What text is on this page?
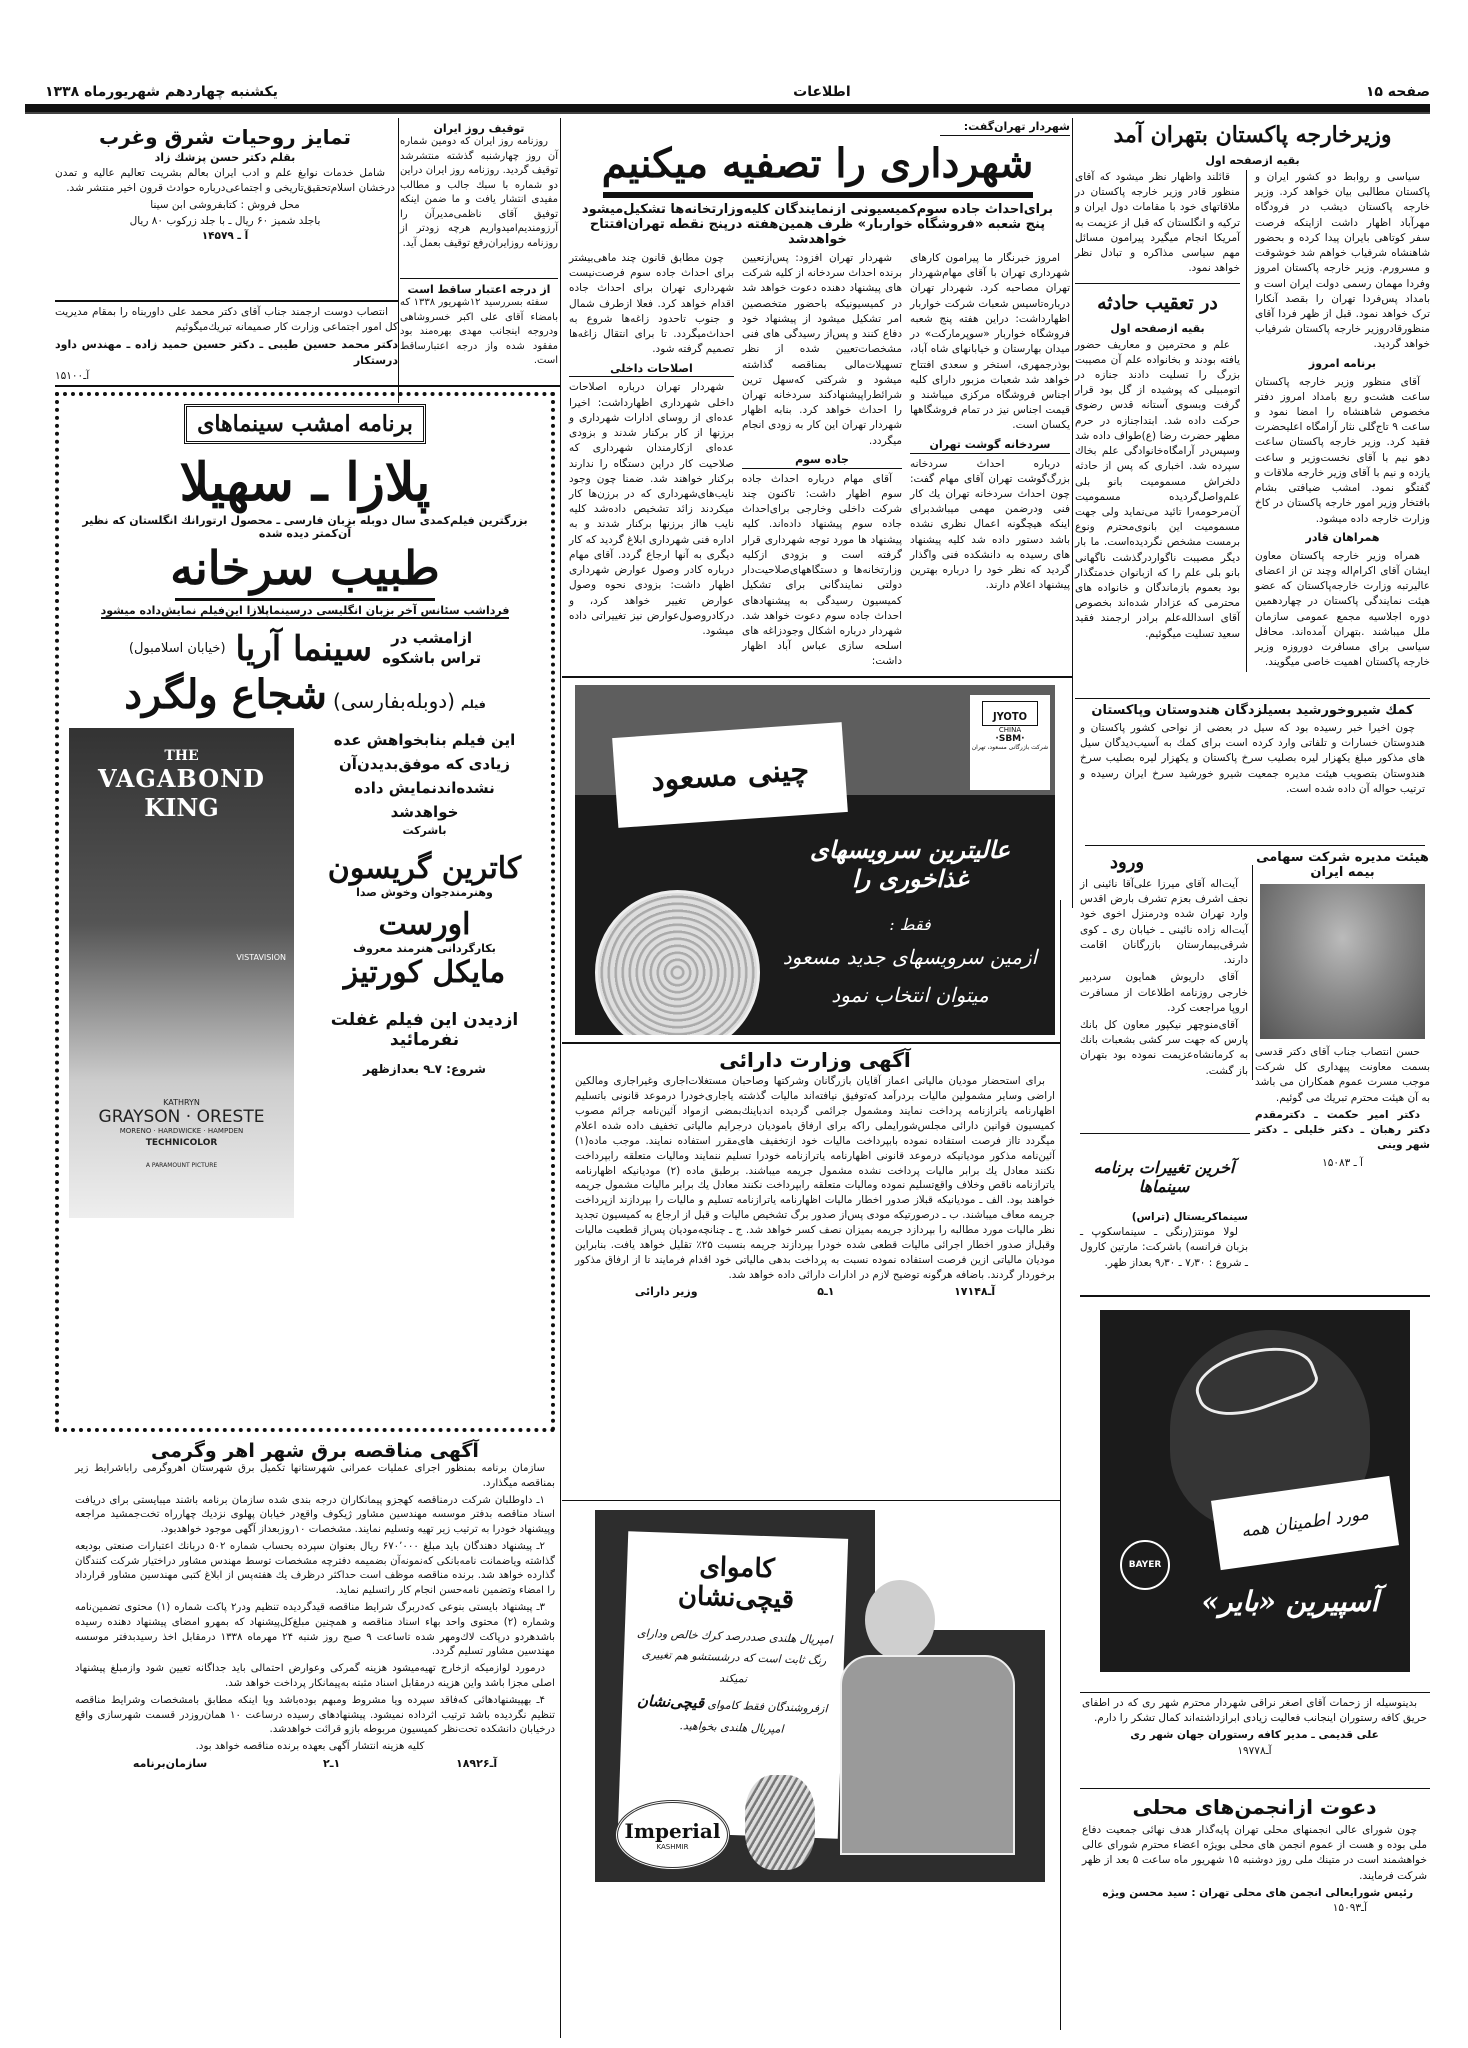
صفحه ۱۵
اطلاعات
یکشنبه چهاردهم شهریورماه ۱۳۳۸
وزیرخارجه پاکستان بتهران آمد
بقیه ازصفحه اول

سیاسی و روابط دو کشور ایران و پاکستان مطالبی بیان خواهد کرد. وزیر خارجه پاکستان دیشب در فرودگاه مهرآباد اظهار داشت ازاینکه فرصت سفر کوتاهی بایران پیدا کرده و بحضور شاهنشاه شرفیاب خواهم شد خوشوقت و مسرورم. وزیر خارجه پاکستان امروز وفردا مهمان رسمی دولت ایران است و بامداد پس‌فردا تهران را بقصد آنکارا ترک خواهد نمود. قبل از ظهر فردا آقای منظورقادروزیر خارجه پاکستان شرفیاب خواهد گردید.

برنامه امروز

آقای منظور وزیر خارجه پاکستان ساعت هشت‌و ربع بامداد امروز دفتر مخصوص شاهنشاه را امضا نمود و ساعت ۹ تاج‌گلی نثار آرامگاه اعلیحضرت فقید کرد. وزیر خارجه پاکستان ساعت دهو نیم با آقای نخست‌وزیر و ساعت یازده و نیم با آقای وزیر خارجه ملاقات و گفتگو نمود. امشب ضیافتی بشام بافتخار وزیر امور خارجه پاکستان در کاخ وزارت خارجه داده میشود.

همراهان قادر

همراه وزیر خارجه پاکستان معاون ایشان آقای اکرام‌اله وچند تن از اعضای عالیرتبه وزارت خارجه‌پاکستان که عضو هیئت نمایندگی پاکستان در چهاردهمین دوره اجلاسیه مجمع عمومی سازمان ملل میباشند .بتهران آمده‌اند. محافل سیاسی برای مسافرت دوروزه وزیر خارجه پاکستان اهمیت خاصی میگویند.

قائلند واظهار نظر میشود که آقای منظور قادر وزیر خارجه پاکستان در ملاقاتهای خود با مقامات دول ایران و ترکیه و انگلستان که قبل از عزیمت به آمریکا انجام میگیرد پیرامون مسائل مهم سیاسی مذاکره و تبادل نظر خواهد نمود.

در تعقیب حادثه
بقیه ازصفحه اول

علم و محترمین و معاریف حضور یافته بودند و بخانواده علم آن مصیبت بزرگ را تسلیت دادند جنازه در اتومبیلی که پوشیده از گل بود قرار گرفت وبسوی آستانه قدس رضوی حرکت داده شد. ابتداجنازه در حرم مطهر حضرت رضا (ع)طواف داده شد وسپس‌در آرامگاه‌خانوادگی علم بخاك سپرده شد. اخباری که پس از حادثه دلخراش مسمومیت بانو بلی علم‌واصل‌گردیده مسمومیت آن‌مرحومه‌را تائید می‌نماید ولی جهت مسمومیت این بانوی‌محترم ونوع برمست مشخص نگردیده‌است. ما بار دیگر مصیبت ناگواردرگذشت ناگهانی بانو بلی علم را که ازبانوان خدمتگذار بود بعموم بازماندگان و خانواده های محترمی که عزادار شده‌اند بخصوص آقای اسدالله‌علم برادر ارجمند فقید سعید تسلیت میگوئیم.

کمك شیروخورشید بسیلزدگان هندوستان وپاکستان

چون اخیرا خبر رسیده بود که سیل در بعضی از نواحی کشور پاکستان و هندوستان خسارات و تلفاتی وارد کرده است برای کمك به آسیب‌دیدگان سیل های مذکور مبلغ یکهزار لیره بصلیب سرخ پاکستان و یکهزار لیره بصلیب سرخ هندوستان بتصویب هیئت مدیره جمعیت شیرو خورشید سرخ ایران رسیده و ترتیب حواله آن داده شده است.

هیئت مدیره شرکت سهامی
بیمه ایران

حسن انتصاب جناب آقای دکتر قدسی بسمت معاونت پیهداری کل شرکت موجب مسرت عموم همکاران می باشد به آن هیئت محترم تبریك می گوئیم.

دکتر امیر حکمت ـ دکترمقدم دکتر رهبان ـ دکتر خلیلی ـ دکتر شهر وینی

آ ـ ۱۵۰۸۳
ورود

آیت‌اله آقای میرزا علی‌آقا نائینی از نجف اشرف بعزم تشرف بارض اقدس وارد تهران شده ودرمنزل اخوی خود آیت‌اله زاده نائینی ـ خیابان ری ـ کوی شرقی‌بیمارستان بازرگانان اقامت دارند.

آقای داریوش همایون سردبیر خارجی روزنامه اطلاعات از مسافرت اروپا مراجعت کرد.

آقای‌منوچهر نیکپور معاون کل بانك پارس که جهت سر کشی بشعبات بانك به کرمانشاه‌عزیمت نموده بود بتهران باز گشت.

آخرین تغییرات برنامه سینماها
سینماکریستال (تراس)

لولا مونتز(رنگی ـ سینماسکوپ ـ بزبان فرانسه) باشرکت: مارتین کارول ـ شروع : ۷٫۳۰ ـ ۹٫۳۰ بعداز ظهر.

مورد اطمینان همه
BAYER
آسپیرین «بایر»

بدینوسیله از زحمات آقای اصغر نراقی شهردار محترم شهر ری که در اطفای حریق کافه رستوران اینجانب فعالیت زیادی ابرازداشته‌اند کمال تشکر را دارم.

علی قدیمی ـ مدیر کافه رستوران جهان شهر ری
آـ۱۹۷۷۸
دعوت ازانجمن‌های محلی

چون شورای عالی انجمنهای محلی تهران پایه‌گذار هدف نهائی جمعیت دفاع ملی بوده و هست از عموم انجمن های محلی بویژه اعضاء محترم شورای عالی خواهشمند است در متینك ملی روز دوشنبه ۱۵ شهریور ماه ساعت ۵ بعد از ظهر شرکت فرمایند.

رئیس شورایعالی انجمن های محلی تهران : سید محسن ویژه
آـ۱۵۰۹۳
شهردار تهران‌گفت:
شهرداری را تصفیه میکنیم
برای‌احداث جاده سوم‌کمیسیونی ازنمایندگان کلیه‌وزارتخانه‌ها تشکیل‌میشود
پنج شعبه «فروشگاه خواربار» ظرف همین‌هفته درپنج نقطه تهران‌افتتاح خواهدشد

امروز خبرنگار ما پیرامون کارهای شهرداری تهران با آقای مهام‌شهردار تهران مصاحبه کرد. شهردار تهران درباره‌تاسیس شعبات شرکت خواربار اظهارداشت: دراین هفته پنج شعبه فروشگاه خواربار «سوپرمارکت» در میدان بهارستان و خیابانهای شاه آباد، بوذرجمهری، استخر و سعدی افتتاح خواهد شد شعبات مزبور دارای کلیه اجناس فروشگاه مرکزی میباشند و قیمت اجناس نیز در تمام فروشگاهها یکسان است.

سردخانه گوشت تهران

درباره احداث سردخانه بزرگ‌گوشت تهران آقای مهام گفت: چون احداث سردخانه تهران یك كار فنی ودرضمن مهمی میباشدبرای اینکه هیچگونه اعمال نظری نشده باشد دستور داده شد کلیه پیشنهاد های رسیده به دانشکده فنی واگذار گردید که نظر خود را درباره بهترین پیشنهاد اعلام دارند.

شهردار تهران افزود: پس‌ازتعیین برنده احداث سردخانه از کلیه شرکت های پیشنهاد دهنده دعوت خواهد شد در کمیسیونیکه باحضور متخصصین امر تشکیل میشود از پیشنهاد خود دفاع کنند و پس‌از رسیدگی های فنی مشخصات‌تعیین شده از نظر تسهیلات‌مالی بمناقصه گذاشته میشود و شرکتی که‌سهل ترین شرائط‌راپیشنهادکند سردخانه تهران را احداث خواهد کرد. بنابه اظهار شهردار تهران این کار به زودی انجام میگردد.

جاده سوم

آقای مهام درباره احداث جاده سوم اظهار داشت: تاکنون چند شرکت داخلی وخارجی برای‌احداث جاده سوم پیشنهاد داده‌اند. کلیه پیشنهاد ها مورد توجه شهرداری قرار گرفته است و بزودی ازکلیه وزارتخانه‌ها و دستگاههای‌صلاحیت‌دار دولتی نمایندگانی برای تشکیل کمیسیون رسیدگی به پیشنهادهای احداث جاده سوم دعوت خواهد شد. شهردار درباره اشکال وجودزاغه های اسلحه سازی عباس آباد اظهار داشت:

چون مطابق قانون چند ماهی‌بیشتر برای احداث جاده سوم فرصت‌نیست شهرداری تهران برای احداث جاده اقدام خواهد کرد. فعلا ازطرف شمال و جنوب تاحدود زاغه‌ها شروع به احداث‌میگردد. تا برای انتقال زاغه‌ها تصمیم گرفته شود.

اصلاحات داخلی

شهردار تهران درباره اصلاحات داخلی شهرداری اظهارداشت: اخیرا عده‌ای از روسای ادارات شهرداری و برزنها از کار برکنار شدند و بزودی عده‌ای ازکارمندان شهرداری که صلاحیت کار دراین دستگاه را ندارند برکنار خواهند شد. ضمنا چون وجود نایب‌های‌شهرداری که در برزن‌ها کار میکردند زائد تشخیص داده‌شد کلیه نایب هااز برزنها برکنار شدند و به اداره فنی شهرداری ابلاغ گردید که کار دیگری به آنها ارجاع گردد. آقای مهام درباره کادر وصول عوارض شهرداری اظهار داشت: بزودی نحوه وصول عوارض تغییر خواهد کرد، و درکادروصول‌عوارض نیز تغییراتی داده میشود.

چینی مسعود
JYOTO
CHINA
·SBM·
شرکت بازرگانی مسعود، تهران
عالیترین سرویسهای غذاخوری را
فقط :
ازمین سرویسهای جدید مسعود
میتوان انتخاب نمود
آگهی وزارت دارائی

برای استحضار مودیان مالیاتی اعماز آقایان بازرگانان وشرکتها وصاحبان مستغلات‌اجاری وغیراجاری ومالکین اراضی وسایر مشمولین مالیات بردرآمد که‌توفیق نیافته‌اند مالیات گذشته یاجاری‌خودرا درموعد قانونی باتسلیم اظهارنامه یاترازنامه پرداخت نمایند ومشمول جرائمی گردیده اندباینك‌بمضی ازمواد آئین‌نامه جرائم مصوب کمیسیون قوانین دارائی مجلس‌شورایملی راکه برای ارفاق بامودیان درجرایم مالیاتی تخفیف داده شده اعلام میگردد تااز فرصت استفاده نموده بابپرداخت مالیات خود ازتخفیف های‌مقرر استفاده نمایند. موجب ماده(۱) آئین‌نامه مذکور مودیانیکه درموعد قانونی اظهارنامه یاترازنامه خودرا تسلیم ننمایند ومالیات متعلقه رابپرداخت نکنند معادل یك برابر مالیات پرداخت نشده مشمول جریمه میباشند. برطبق ماده (۲) مودیانیکه اظهارنامه یاترازنامه ناقص وخلاف واقع‌تسلیم نموده ومالیات متعلقه رابپرداخت نکنند معادل یك برابر مالیات مشمول جریمه خواهند بود. الف ـ مودیانیکه قبلاز صدور اخطار مالیات اظهارنامه یاترازنامه تسلیم و مالیات را بپردازند ازپرداخت جریمه معاف میباشند. ب ـ درصورتیکه مودی پس‌از صدور برگ تشخیص مالیات و قبل از ارجاع به کمیسیون تجدید نظر مالیات مورد مطالبه را بپردازد جریمه بمیزان نصف کسر خواهد شد. ج ـ چنانچه‌مودیان پس‌از قطعیت مالیات وقبل‌از صدور اخطار اجرائی مالیات قطعی شده خودرا بپردازند جریمه بنسبت ۲۵٪ تقلیل خواهد یافت. بنابراین مودیان مالیاتی ازین فرصت استفاده نموده نسبت به پرداخت بدهی مالیاتی خود اقدام فرمایند تا از ارفاق مذکور برخوردار گردند. باضافه هرگونه توضیح لازم در ادارات دارائی داده خواهد شد.

آـ۱۷۱۴۸
۱ـ۵
وزیر دارائی
کاموای قیچی‌نشان
امپریال هلندی صددرصد کرك خالص ودارای
رنگ ثابت است که درشستشو هم تغییری نمیکند
ازفروشندگان فقط کاموای قیچی‌نشان
امپریال هلندی بخواهید.
Imperial
KASHMIR
توقیف روز ایران

روزنامه روز ایران که دومین شماره آن روز چهارشنبه گذشته منتشرشد توقیف گردید. روزنامه روز ایران دراین دو شماره با سبك جالب و مطالب مفیدی انتشار یافت و ما ضمن اینکه توفیق آقای ناظمی‌مدیرآن را آرزومندیم‌امیدواریم هرچه زودتر از روزنامه روزایران‌رفع توقیف بعمل آید.

از درجه اعتبار ساقط است

سفته بسررسید ۱۲شهریور ۱۳۳۸ که بامضاء آقای علی اکبر خسرو‌شاهی ودروجه اینجانب مهدی بهره‌مند بود مفقود شده واز درجه اعتبارساقط است.

تمایز روحیات شرق وغرب
بقلم دکتر حسن پزشك زاد

شامل خدمات نوابغ علم و ادب ایران بعالم بشریت تعالیم عالیه و تمدن درخشان اسلام‌تحقیق‌تاریخی و اجتماعی‌درباره حوادث قرون اخیر منتشر شد.

محل فروش : کتابفروشی ابن سینا
باجلد شمیز ۶۰ ریال ـ با جلد زرکوب ۸۰ ریال
آ ـ ۱۴۵۷۹

انتصاب دوست ارجمند جناب آقای دکتر محمد علی داوربناه را بمقام مدیریت کل امور اجتماعی وزارت کار صمیمانه تبریك‌میگوئیم

دکتر محمد حسین طیبی ـ دکتر حسین حمید زاده ـ مهندس داود درستکار
آـ۱۵۱۰۰
برنامه امشب سینماهای
پلازا ـ سهیلا
بزرگترین فیلم‌کمدی سال دوبله بزبان فارسی ـ محصول ارتورانك انگلستان که نظیر آن‌کمتر دیده شده
طبیب سرخانه
فرداشب سئانس آخر بزبان انگلیسی درسینماپلازا این‌فیلم نمایش‌داده میشود
ازامشب در
تراس باشکوه
سینما آریا
(خیابان اسلامبول)
فیلم
(دوبله‌بفارسی)
شجاع ولگرد
این فیلم بنابخواهش عده زیادی که موفق‌بدیدن‌آن نشده‌اندنمایش داده خواهدشد
باشرکت
کاترین گریسون
وهنرمندجوان وخوش صدا
اورست
بکارگردانی هنرمند معروف
مایکل کورتیز
ازدیدن این فیلم غفلت نفرمائید
شروع: ۷ـ۹ بعدازظهر
THE
VAGABOND
KING
VISTAVISION
KATHRYN
GRAYSON · ORESTE
MORENO · HARDWICKE · HAMPDEN
TECHNICOLOR
A PARAMOUNT PICTURE
آگهی مناقصه برق شهر اهر وگرمی

سازمان برنامه بمنظور اجرای عملیات عمرانی شهرستانها تکمیل برق شهرستان اهروگرمی راباشرایط زیر بمناقصه میگذارد.

۱ـ داوطلبان شرکت درمناقصه کهجزو پیمانکاران درجه بندی شده سازمان برنامه باشند میبایستی برای دریافت اسناد مناقصه بدفتر موسسه مهندسین مشاور ژیکوف واقع‌در خیابان پهلوی نزدیك چهارراه تخت‌جمشید مراجعه وپیشنهاد خودرا به ترتیب زیر تهیه وتسلیم نمایند. مشخصات ۱۰روزبعداز آگهی موجود خواهدبود.

۲ـ پیشنهاد دهندگان باید مبلغ ۶۷۰٬۰۰۰ ریال بعنوان سپرده بحساب شماره ۵۰۲ دربانك اعتبارات صنعتی بودیعه گذاشته ویاضمانت نامه‌بانکی که‌نمونه‌آن بضمیمه دفترچه مشخصات توسط مهندس مشاور دراختیار شرکت کنندگان گذارده خواهد شد. برنده مناقصه موظف است حداکثر درظرف یك هفته‌پس از ابلاغ کتبی مهندسین مشاور قرارداد را امضاء وتضمین نامه‌حسن انجام کار راتسلیم نماید.

۳ـ پیشنهاد بایستی بنوعی که‌دربرگ شرایط مناقصه قیدگردیده تنظیم ودر۲ پاکت شماره (۱) محتوی تضمین‌نامه وشماره (۲) محتوی واحد بهاء اسناد مناقصه و همچنین مبلغ‌کل‌پیشنهاد که بمهرو امضای پیشنهاد دهنده رسیده باشدهردو درپاکت لاك‌ومهر شده تاساعت ۹ صبح روز شنبه ۲۴ مهرماه ۱۳۳۸ درمقابل اخذ رسیدبدفتر موسسه مهندسین مشاور تسلیم گردد.

درمورد لوازمیکه ازخارج تهیه‌میشود هزینه گمرکی وعوارض احتمالی باید جداگانه تعیین شود وازمبلغ پیشنهاد اصلی مجزا باشد واین هزینه درمقابل اسناد مثبته به‌پیمانکار پرداخت خواهد شد.

۴ـ بهپیشنهادهائی که‌فاقد سپرده ویا مشروط ومبهم بوده‌باشد ویا اینکه مطابق بامشخصات وشرایط مناقصه تنظیم نگردیده باشد ترتیب اثرداده نمیشود. پیشنهادهای رسیده درساعت ۱۰ همان‌روزدر قسمت شهرسازی واقع درخیابان دانشکده تحت‌نظر کمیسیون مربوطه بازو قرائت خواهدشد.

کلیه هزینه انتشار آگهی بعهده برنده مناقصه خواهد بود.

آـ۱۸۹۲۶
۱ـ۲
سازمان‌برنامه
